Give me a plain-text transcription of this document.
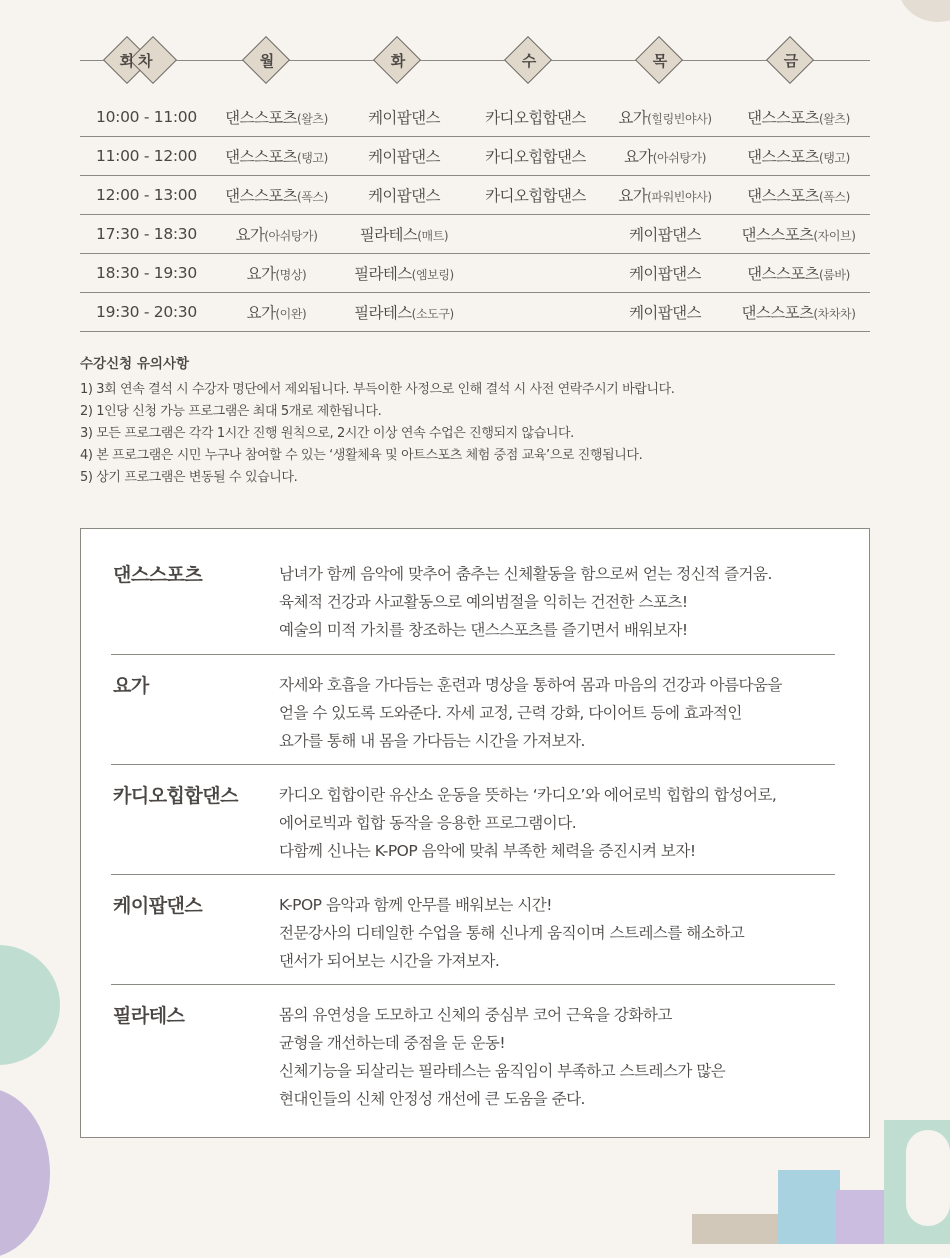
회차	월	화	수	목	금
10:00 - 11:00	댄스스포츠(왈츠)	케이팝댄스	카디오힙합댄스	요가(힐링빈야사)	댄스스포츠(왈츠)
11:00 - 12:00	댄스스포츠(탱고)	케이팝댄스	카디오힙합댄스	요가(아쉬탕가)	댄스스포츠(탱고)
12:00 - 13:00	댄스스포츠(폭스)	케이팝댄스	카디오힙합댄스	요가(파워빈야사)	댄스스포츠(폭스)
17:30 - 18:30	요가(아쉬탕가)	필라테스(매트)		케이팝댄스	댄스스포츠(자이브)
18:30 - 19:30	요가(명상)	필라테스(엠보링)		케이팝댄스	댄스스포츠(룸바)
19:30 - 20:30	요가(이완)	필라테스(소도구)		케이팝댄스	댄스스포츠(차차차)
수강신청 유의사항
1) 3회 연속 결석 시 수강자 명단에서 제외됩니다. 부득이한 사정으로 인해 결석 시 사전 연락주시기 바랍니다.
2) 1인당 신청 가능 프로그램은 최대 5개로 제한됩니다.
3) 모든 프로그램은 각각 1시간 진행 원칙으로, 2시간 이상 연속 수업은 진행되지 않습니다.
4) 본 프로그램은 시민 누구나 참여할 수 있는 ‘생활체육 및 아트스포츠 체험 중점 교육’으로 진행됩니다.
5) 상기 프로그램은 변동될 수 있습니다.
댄스스포츠	남녀가 함께 음악에 맞추어 춤추는 신체활동을 함으로써 얻는 정신적 즐거움.
육체적 건강과 사교활동으로 예의범절을 익히는 건전한 스포츠!
예술의 미적 가치를 창조하는 댄스스포츠를 즐기면서 배워보자!
요가	자세와 호흡을 가다듬는 훈련과 명상을 통하여 몸과 마음의 건강과 아름다움을
얻을 수 있도록 도와준다. 자세 교정, 근력 강화, 다이어트 등에 효과적인
요가를 통해 내 몸을 가다듬는 시간을 가져보자.
카디오힙합댄스	카디오 힙합이란 유산소 운동을 뜻하는 ‘카디오’와 에어로빅 힙합의 합성어로,
에어로빅과 힙합 동작을 응용한 프로그램이다.
다함께 신나는 K-POP 음악에 맞춰 부족한 체력을 증진시켜 보자!
케이팝댄스	K-POP 음악과 함께 안무를 배워보는 시간!
전문강사의 디테일한 수업을 통해 신나게 움직이며 스트레스를 해소하고
댄서가 되어보는 시간을 가져보자.
필라테스	몸의 유연성을 도모하고 신체의 중심부 코어 근육을 강화하고
균형을 개선하는데 중점을 둔 운동!
신체기능을 되살리는 필라테스는 움직임이 부족하고 스트레스가 많은
현대인들의 신체 안정성 개선에 큰 도움을 준다.
